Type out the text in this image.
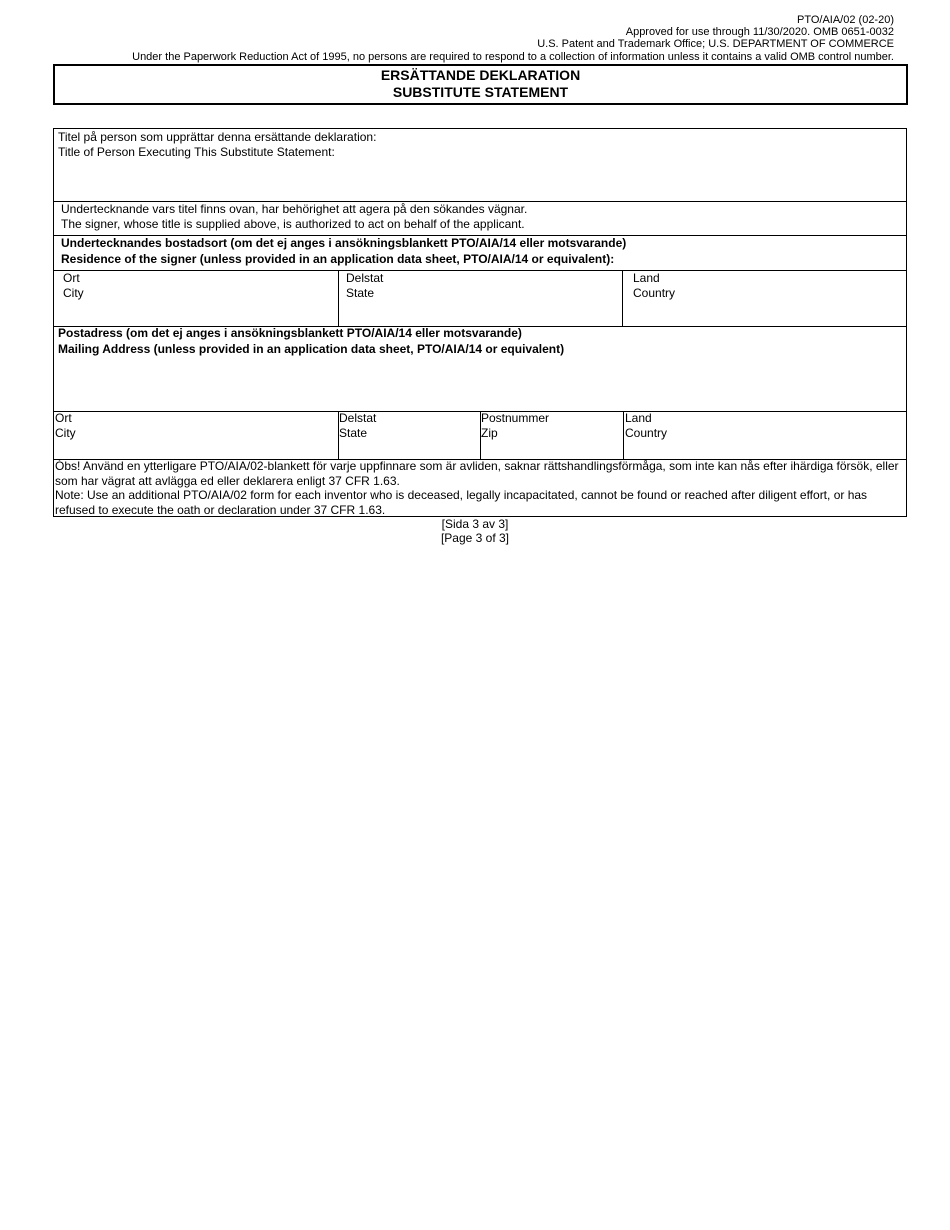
PTO/AIA/02 (02-20)
Approved for use through 11/30/2020. OMB 0651-0032
U.S. Patent and Trademark Office; U.S. DEPARTMENT OF COMMERCE
Under the Paperwork Reduction Act of 1995, no persons are required to respond to a collection of information unless it contains a valid OMB control number.
ERSÄTTANDE DEKLARATION
SUBSTITUTE STATEMENT
Titel på person som upprättar denna ersättande deklaration:
Title of Person Executing This Substitute Statement:
Undertecknande vars titel finns ovan, har behörighet att agera på den sökandes vägnar.
The signer, whose title is supplied above, is authorized to act on behalf of the applicant.
Undertecknandes bostadsort (om det ej anges i ansökningsblankett PTO/AIA/14 eller motsvarande)
Residence of the signer (unless provided in an application data sheet, PTO/AIA/14 or equivalent):
Ort
City
Delstat
State
Land
Country
Postadress (om det ej anges i ansökningsblankett PTO/AIA/14 eller motsvarande)
Mailing Address (unless provided in an application data sheet, PTO/AIA/14 or equivalent)
Ort
City
Delstat
State
Postnummer
Zip
Land
Country
Óbs! Använd en ytterligare PTO/AIA/02-blankett för varje uppfinnare som är avliden, saknar rättshandlingsförmåga, som inte kan nås efter ihärdiga försök, eller som har vägrat att avlägga ed eller deklarera enligt 37 CFR 1.63.
Note: Use an additional PTO/AIA/02 form for each inventor who is deceased, legally incapacitated, cannot be found or reached after diligent effort, or has refused to execute the oath or declaration under 37 CFR 1.63.
[Sida 3 av 3]
[Page 3 of 3]
